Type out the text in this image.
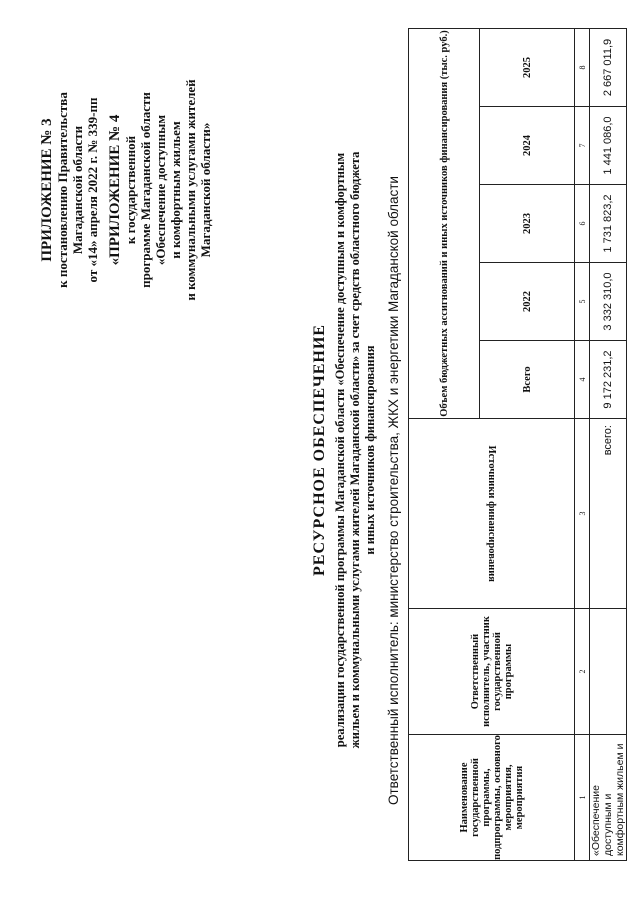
ПРИЛОЖЕНИЕ № 3 к постановлению Правительства Магаданской области от «14» апреля 2022 г. № 339-пп «ПРИЛОЖЕНИЕ № 4 к государственной программе Магаданской области «Обеспечение доступным и комфортным жильем и коммунальными услугами жителей Магаданской области»
РЕСУРСНОЕ ОБЕСПЕЧЕНИЕ реализации государственной программы Магаданской области «Обеспечение доступным и комфортным жильем и коммунальными услугами жителей Магаданской области» за счет средств областного бюджета и иных источников финансирования Ответственный исполнитель: министерство строительства, ЖКХ и энергетики Магаданской области	Наименование государственной программы, подпрограммы, основного мероприятия, мероприятия	Ответственный исполнитель, участник государственной программы	Источники финансирования	Объем бюджетных ассигнований и иных источников финансирования (тыс. руб.)				
			Всего	2022	2023	2024	2025
1	2	3	4	5	6	7	8
«Обеспечение доступным и комфортным жильем и		всего:	9 172 231,2	3 332 310,0	1 731 823,2	1 441 086,0	2 667 011,9
